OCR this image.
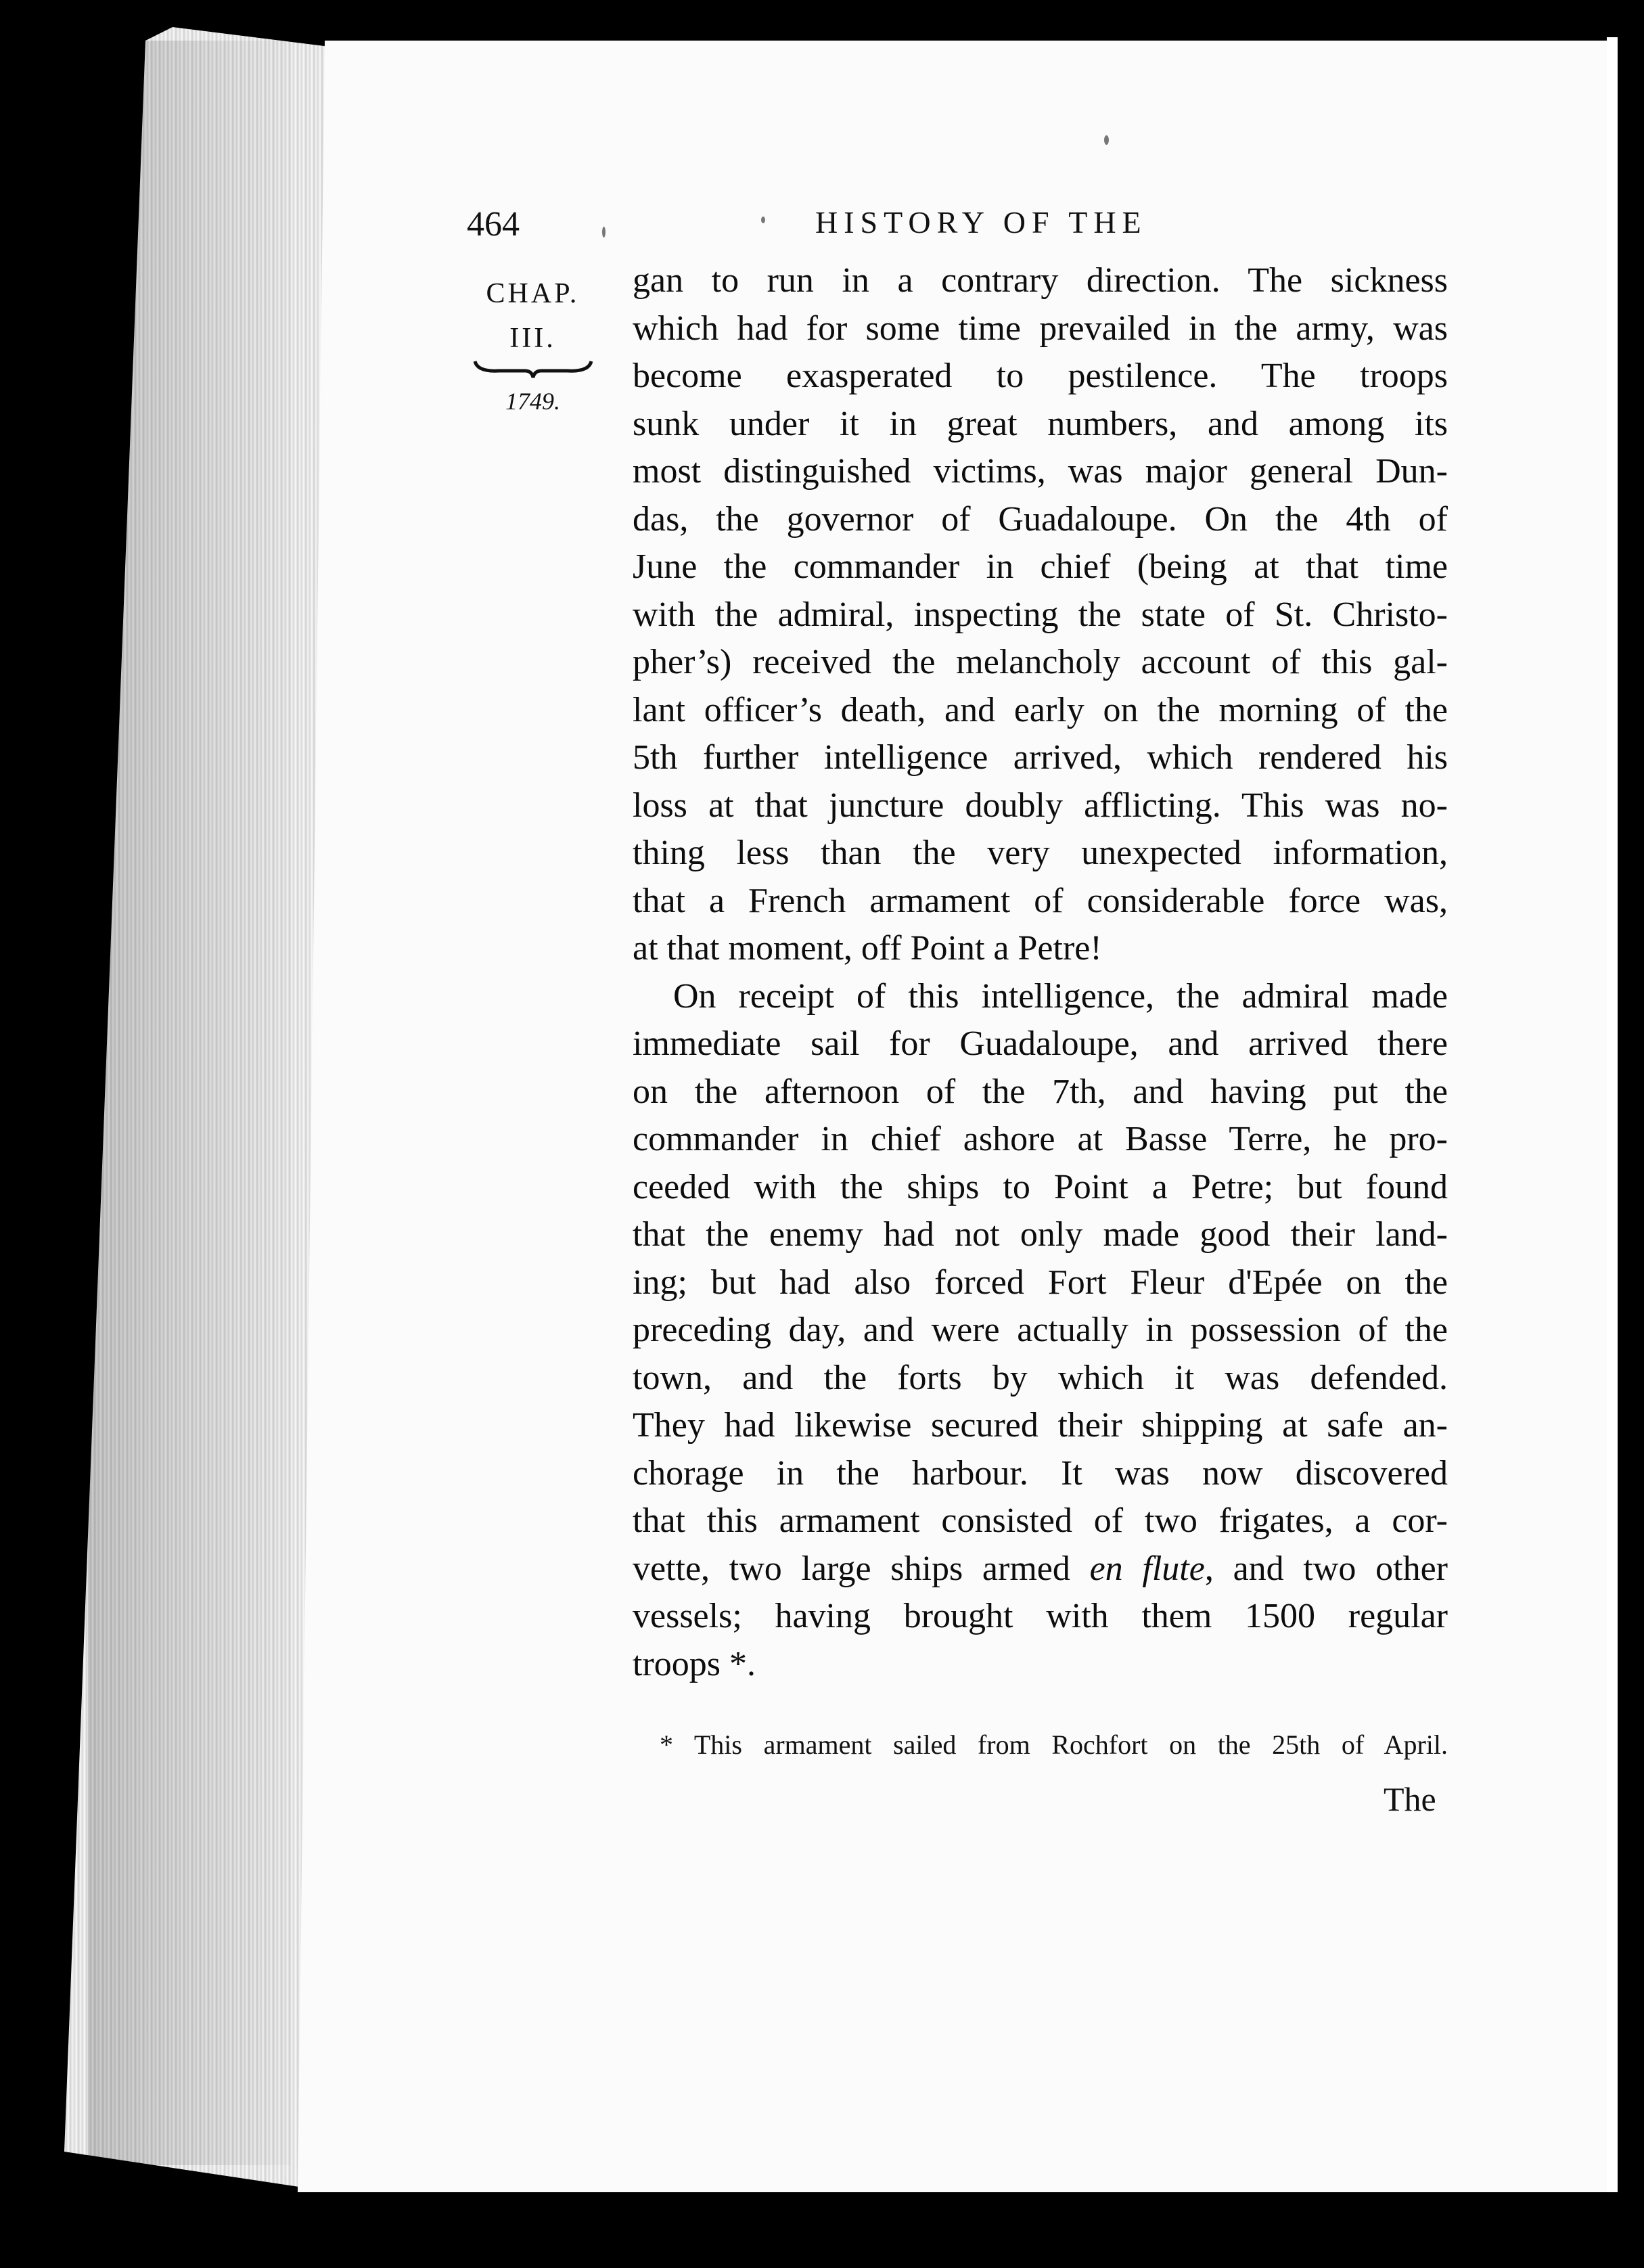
464	HISTORY OF THE
CHAP.
III.
1749.
gan to run in a contrary direction. The sickness
which had for some time prevailed in the army, was
become exasperated to pestilence. The troops
sunk under it in great numbers, and among its
most distinguished victims, was major general Dun-
das, the governor of Guadaloupe. On the 4th of
June the commander in chief (being at that time
with the admiral, inspecting the state of St. Christo-
pher’s) received the melancholy account of this gal-
lant officer’s death, and early on the morning of the
5th further intelligence arrived, which rendered his
loss at that juncture doubly afflicting. This was no-
thing less than the very unexpected information,
that a French armament of considerable force was,
at that moment, off Point a Petre!
On receipt of this intelligence, the admiral made
immediate sail for Guadaloupe, and arrived there
on the afternoon of the 7th, and having put the
commander in chief ashore at Basse Terre, he pro-
ceeded with the ships to Point a Petre; but found
that the enemy had not only made good their land-
ing; but had also forced Fort Fleur d'Epée on the
preceding day, and were actually in possession of the
town, and the forts by which it was defended.
They had likewise secured their shipping at safe an-
chorage in the harbour. It was now discovered
that this armament consisted of two frigates, a cor-
vette, two large ships armed en flute, and two other
vessels; having brought with them 1500 regular
troops *.
* This armament sailed from Rochfort on the 25th of April.
The
